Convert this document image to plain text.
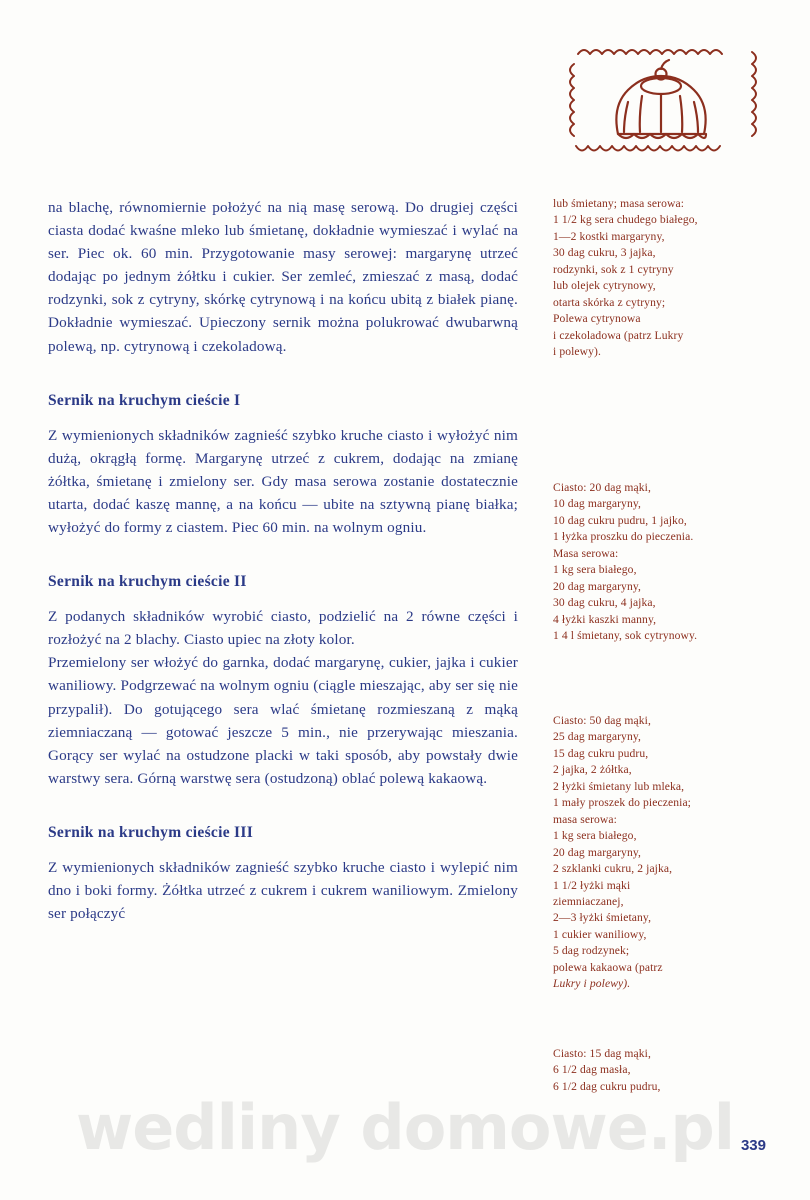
na blachę, równomiernie położyć na nią masę serową. Do drugiej części ciasta dodać kwaśne mleko lub śmietanę, dokładnie wymieszać i wylać na ser. Piec ok. 60 min. Przygotowanie masy serowej: margarynę utrzeć dodając po jednym żółtku i cukier. Ser zemleć, zmieszać z masą, dodać rodzynki, sok z cytryny, skórkę cytrynową i na końcu ubitą z białek pianę. Dokładnie wymieszać. Upieczony sernik można polukrować dwubarwną polewą, np. cytrynową i czekoladową.

Sernik na kruchym cieście I

Z wymienionych składników zagnieść szybko kruche ciasto i wyłożyć nim dużą, okrągłą formę. Margarynę utrzeć z cukrem, dodając na zmianę żółtka, śmietanę i zmielony ser. Gdy masa serowa zostanie dostatecznie utarta, dodać kaszę mannę, a na końcu — ubite na sztywną pianę białka; wyłożyć do formy z ciastem. Piec 60 min. na wolnym ogniu.

Sernik na kruchym cieście II

Z podanych składników wyrobić ciasto, podzielić na 2 równe części i rozłożyć na 2 blachy. Ciasto upiec na złoty kolor.

Przemielony ser włożyć do garnka, dodać margarynę, cukier, jajka i cukier waniliowy. Podgrzewać na wolnym ogniu (ciągle mieszając, aby ser się nie przypalił). Do gotującego sera wlać śmietanę rozmieszaną z mąką ziemniaczaną — gotować jeszcze 5 min., nie przerywając mieszania. Gorący ser wylać na ostudzone placki w taki sposób, aby powstały dwie warstwy sera. Górną warstwę sera (ostudzoną) oblać polewą kakaową.

Sernik na kruchym cieście III

Z wymienionych składników zagnieść szybko kruche ciasto i wylepić nim dno i boki formy. Żółtka utrzeć z cukrem i cukrem waniliowym. Zmielony ser połączyć

lub śmietany; masa serowa:
1 1/2 kg sera chudego białego,
1—2 kostki margaryny,
30 dag cukru, 3 jajka,
rodzynki, sok z 1 cytryny
lub olejek cytrynowy,
otarta skórka z cytryny;
Polewa cytrynowa
i czekoladowa (patrz Lukry
i polewy).
Ciasto: 20 dag mąki,
10 dag margaryny,
10 dag cukru pudru, 1 jajko,
1 łyżka proszku do pieczenia.
Masa serowa:
1 kg sera białego,
20 dag margaryny,
30 dag cukru, 4 jajka,
4 łyżki kaszki manny,
1 4 l śmietany, sok cytrynowy.
Ciasto: 50 dag mąki,
25 dag margaryny,
15 dag cukru pudru,
2 jajka, 2 żółtka,
2 łyżki śmietany lub mleka,
1 mały proszek do pieczenia;
masa serowa:
1 kg sera białego,
20 dag margaryny,
2 szklanki cukru, 2 jajka,
1 1/2 łyżki mąki
ziemniaczanej,
2—3 łyżki śmietany,
1 cukier waniliowy,
5 dag rodzynek;
polewa kakaowa (patrz
Lukry i polewy).
Ciasto: 15 dag mąki,
6 1/2 dag masła,
6 1/2 dag cukru pudru,
wedliny domowe.pl 339
